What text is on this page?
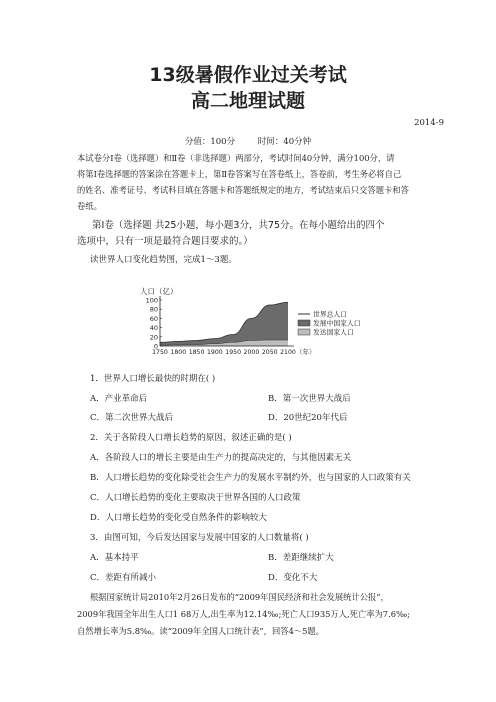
13级暑假作业过关考试
高二地理试题
2014-9
分值：100分	时间：40分钟
本试卷分Ⅰ卷（选择题）和Ⅱ卷（非选择题）两部分，考试时间40分钟，满分100分，请
将第Ⅰ卷选择题的答案涂在答题卡上，第Ⅱ卷答案写在答卷纸上，答卷前，考生务必将自己
的姓名、准考证号、考试科目填在答题卡和答题纸规定的地方，考试结束后只交答题卡和答
卷纸。
第Ⅰ卷（选择题 共25小题，每小题3分，共75分。在每小题给出的四个
选项中，只有一项是最符合题目要求的。）
读世界人口变化趋势图，完成1～3题。
人口（亿）
100
80
60
40
20
0
1750 1800 1850 1900 1950 2000 2050 2100 （年）
世界总人口
发展中国家人口
发达国家人口
1．世界人口增长最快的时期在( )
A．产业革命后	B．第一次世界大战后
C．第二次世界大战后	D．20世纪20年代后
2．关于各阶段人口增长趋势的原因，叙述正确的是( )
A．各阶段人口的增长主要是由生产力的提高决定的，与其他因素无关
B．人口增长趋势的变化除受社会生产力的发展水平制约外，也与国家的人口政策有关
C．人口增长趋势的变化主要取决于世界各国的人口政策
D．人口增长趋势的变化受自然条件的影响较大
3．由图可知，今后发达国家与发展中国家的人口数量将( )
A．基本持平	B．差距继续扩大
C．差距有所减小	D．变化不大
根据国家统计局2010年2月26日发布的“2009年国民经济和社会发展统计公报”，
2009年我国全年出生人口1 68万人,出生率为12.14‰;死亡人口935万人,死亡率为7.6‰;
自然增长率为5.8‰。读“2009年全国人口统计表”，回答4～5题。
